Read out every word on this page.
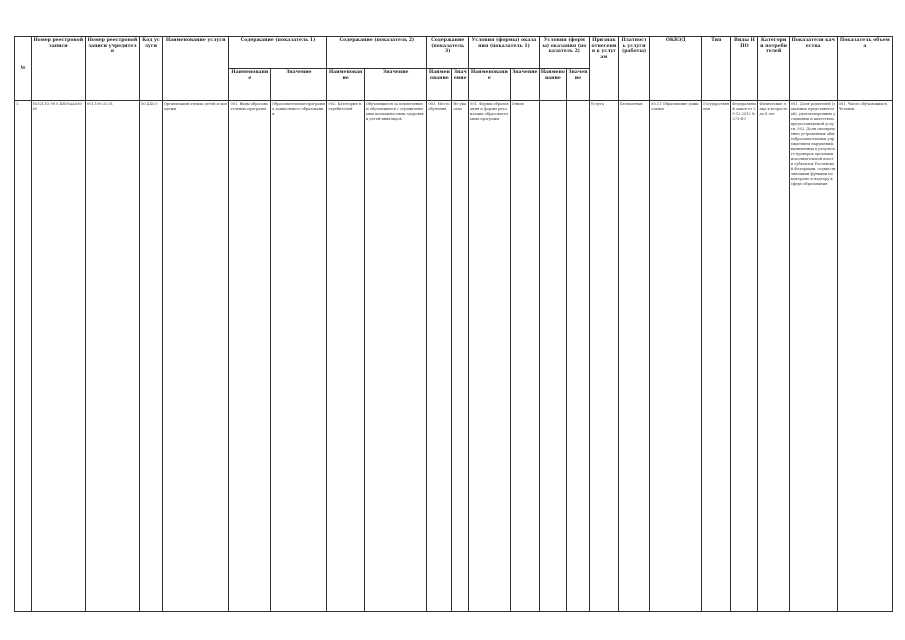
№	Номер реестровой записи	Номер реестровой записи учредителя	Код услуги	Наименование услуги	Содержание (показатель 1)		Содержание (показатель 2)		Содержание (показатель 3)		Условия (формы) оказания (показатель 1)		Условия (формы) оказания (показатель 2)		Признак отнесения к услугам	Платность услуги (работы)	ОКВЭД	Тип	Виды НПО	Категории потребителей	Показатели качества	Показатель объема
					Наименование	Значение	Наименование	Значение	Наименование	Значение	Наименование	Значение	Наименование	Значение								
1.	853211О.99.0.БВ19АА56000	001.190.32.01	50.Д45.0	Организация отдыха детей и молодежи	001. Виды образовательных программ	Образовательная программа дошкольного образования	002. Категория потребителей	Обучающиеся за исключением обучающихся с ограниченными возможностями здоровья и детей-инвалидов	003. Место обучения	Не указано	001. Формы образования и формы реализации образовательных программ	Очная			Услуга	Бесплатная	85.11 Образование дошкольное	Государственная	Федеральный закон от 29.12.2012 № 273-ФЗ	Физические лица в возрасте до 8 лет	001. Доля родителей (законных представителей), удовлетворенных условиями и качеством предоставляемой услуги. 002. Доля своевременно устраненных общеобразовательным учреждением нарушений, выявленных в результате проверок органами исполнительной власти субъектов Российской Федерации, осуществляющими функции по контролю и надзору в сфере образования	001. Число обучающихся, Человек
